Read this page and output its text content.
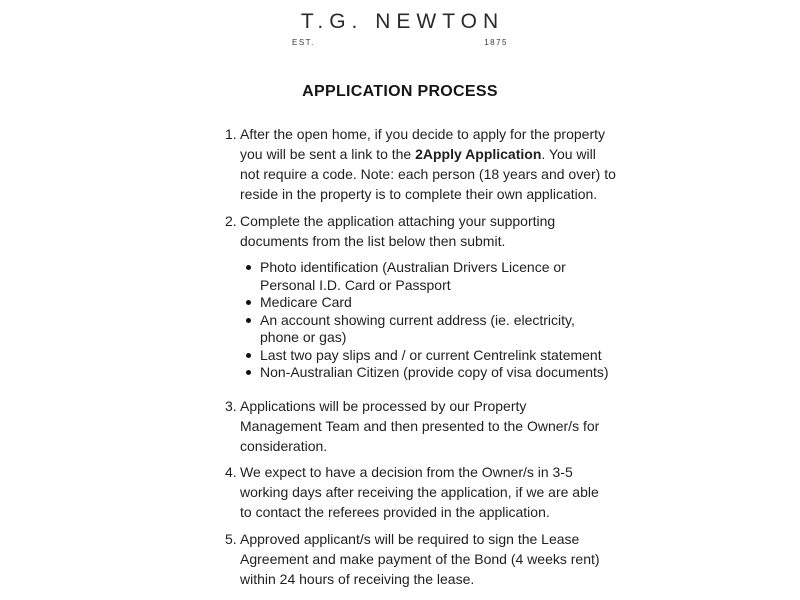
T.G. NEWTON
EST.	1875
APPLICATION PROCESS
1. After the open home, if you decide to apply for the property
you will be sent a link to the 2Apply Application. You will
not require a code. Note: each person (18 years and over) to
reside in the property is to complete their own application.
2. Complete the application attaching your supporting
documents from the list below then submit.
Photo identification (Australian Drivers Licence or
Personal I.D. Card or Passport
Medicare Card
An account showing current address (ie. electricity,
phone or gas)
Last two pay slips and / or current Centrelink statement
Non-Australian Citizen (provide copy of visa documents)
3. Applications will be processed by our Property
Management Team and then presented to the Owner/s for
consideration.
4. We expect to have a decision from the Owner/s in 3-5
working days after receiving the application, if we are able
to contact the referees provided in the application.
5. Approved applicant/s will be required to sign the Lease
Agreement and make payment of the Bond (4 weeks rent)
within 24 hours of receiving the lease.
